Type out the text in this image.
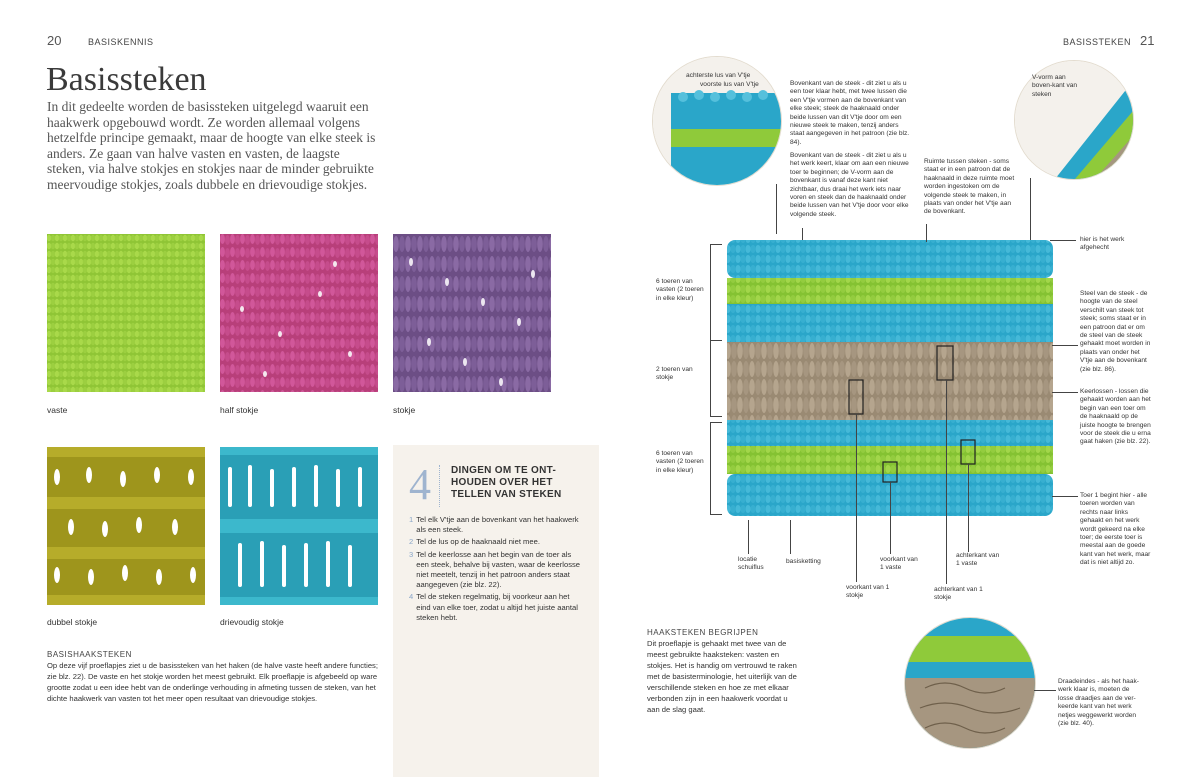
20	BASISKENNIS
Basissteken
In dit gedeelte worden de basissteken uitgelegd waaruit een haakwerk opgebouwd wordt. Ze worden allemaal volgens hetzelfde principe gemaakt, maar de hoogte van elke steek is anders. Ze gaan van halve vasten en vasten, de laagste steken, via halve stokjes en stokjes naar de minder gebruikte meervoudige stokjes, zoals dubbele en drievoudige stokjes.
vaste	half stokje	stokje
dubbel stokje	drievoudig stokje
BASISHAAKSTEKEN
Op deze vijf proeflapjes ziet u de basissteken van het haken (de halve vaste heeft andere functies; zie blz. 22). De vaste en het stokje worden het meest gebruikt. Elk proeflapje is afgebeeld op ware grootte zodat u een idee hebt van de onderlinge verhouding in afmeting tussen de steken, van het dichte haakwerk van vasten tot het meer open resultaat van drievoudige stokjes.
4 DINGEN OM TE ONT-HOUDEN OVER HET TELLEN VAN STEKEN
1 Tel elk V'tje aan de bovenkant van het haakwerk als een steek.
2 Tel de lus op de haaknaald niet mee.
3 Tel de keerlosse aan het begin van de toer als een steek, behalve bij vasten, waar de keerlosse niet meetelt, tenzij in het patroon anders staat aangegeven (zie blz. 22).
4 Tel de steken regelmatig, bij voorkeur aan het eind van elke toer, zodat u altijd het juiste aantal steken hebt.
BASISSTEKEN 21
achterste lus van V'tje
voorste lus van V'tje
V-vorm aan boven-kant van steken
Bovenkant van de steek - dit ziet u als u een toer klaar hebt, met twee lussen die een V'tje vormen aan de bovenkant van elke steek; steek de haaknaald onder beide lussen van dit V'tje door om een nieuwe steek te maken, tenzij anders staat aangegeven in het patroon (zie blz. 84).
Bovenkant van de steek - dit ziet u als u het werk keert, klaar om aan een nieuwe toer te beginnen; de V-vorm aan de bovenkant is vanaf deze kant niet zichtbaar, dus draai het werk iets naar voren en steek dan de haaknaald onder beide lussen van het V'tje door voor elke volgende steek.
Ruimte tussen steken - soms staat er in een patroon dat de haaknaald in deze ruimte moet worden ingestoken om de volgende steek te maken, in plaats van onder het V'tje aan de bovenkant.
6 toeren van vasten (2 toeren in elke kleur)
2 toeren van stokje
6 toeren van vasten (2 toeren in elke kleur)
hier is het werk afgehecht
Steel van de steek - de hoogte van de steel verschilt van steek tot steek; soms staat er in een patroon dat er om de steel van de steek gehaakt moet worden in plaats van onder het V'tje aan de bovenkant (zie blz. 86).
Keerlossen - lossen die gehaakt worden aan het begin van een toer om de haaknaald op de juiste hoogte te brengen voor de steek die u erna gaat haken (zie blz. 22).
Toer 1 begint hier - alle toeren worden van rechts naar links gehaakt en het werk wordt gekeerd na elke toer; de eerste toer is meestal aan de goede kant van het werk, maar dat is niet altijd zo.
locatie schuiflus
basisketting	voorkant van 1 vaste
achterkant van 1 vaste
voorkant van 1 stokje
achterkant van 1 stokje
HAAKSTEKEN BEGRIJPEN
Dit proeflapje is gehaakt met twee van de meest gebruikte haaksteken: vasten en stokjes. Het is handig om vertrouwd te raken met de basisterminologie, het uiterlijk van de verschillende steken en hoe ze met elkaar verbonden zijn in een haakwerk voordat u aan de slag gaat.
Draadeindes - als het haak-werk klaar is, moeten de losse draadjes aan de ver-keerde kant van het werk netjes weggewerkt worden (zie blz. 40).
